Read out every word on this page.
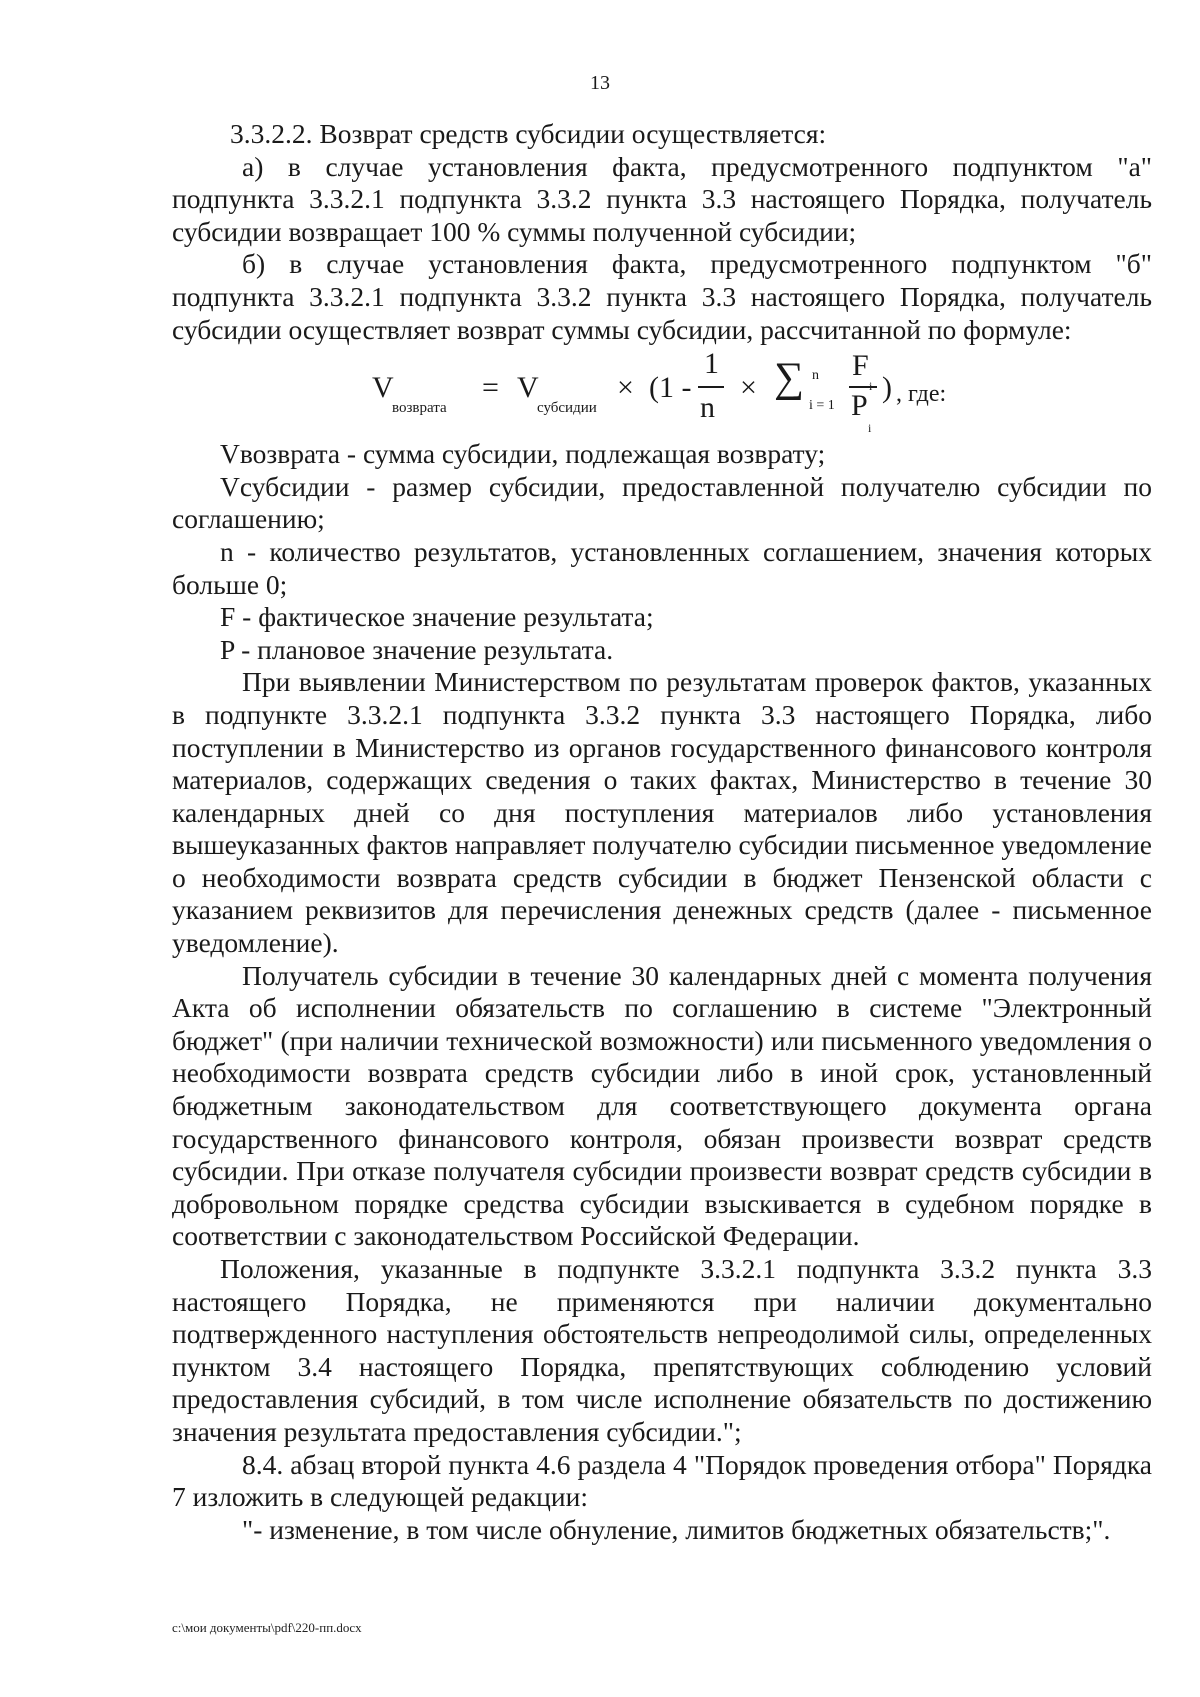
13

3.3.2.2. Возврат средств субсидии осуществляется:

а) в случае установления факта, предусмотренного подпунктом "а" подпункта 3.3.2.1 подпункта 3.3.2 пункта 3.3 настоящего Порядка, получатель субсидии возвращает 100 % суммы полученной субсидии;

б) в случае установления факта, предусмотренного подпунктом "б" подпункта 3.3.2.1 подпункта 3.3.2 пункта 3.3 настоящего Порядка, получатель субсидии осуществляет возврат суммы субсидии, рассчитанной по формуле:

V
возврата
= V
субсидии
× (1 -
1
n
× ∑ n
i = 1
F
P
i
) , где:

Vвозврата - сумма субсидии, подлежащая возврату;

Vсубсидии - размер субсидии, предоставленной получателю субсидии по соглашению;

n - количество результатов, установленных соглашением, значения которых больше 0;

F - фактическое значение результата;

P - плановое значение результата.

При выявлении Министерством по результатам проверок фактов, указанных в подпункте 3.3.2.1 подпункта 3.3.2 пункта 3.3 настоящего Порядка, либо поступлении в Министерство из органов государственного финансового контроля материалов, содержащих сведения о таких фактах, Министерство в течение 30 календарных дней со дня поступления материалов либо установления вышеуказанных фактов направляет получателю субсидии письменное уведомление о необходимости возврата средств субсидии в бюджет Пензенской области с указанием реквизитов для перечисления денежных средств (далее - письменное уведомление).

Получатель субсидии в течение 30 календарных дней с момента получения Акта об исполнении обязательств по соглашению в системе "Электронный бюджет" (при наличии технической возможности) или письменного уведомления о необходимости возврата средств субсидии либо в иной срок, установленный бюджетным законодательством для соответствующего документа органа государственного финансового контроля, обязан произвести возврат средств субсидии. При отказе получателя субсидии произвести возврат средств субсидии в добровольном порядке средства субсидии взыскивается в судебном порядке в соответствии с законодательством Российской Федерации.

Положения, указанные в подпункте 3.3.2.1 подпункта 3.3.2 пункта 3.3 настоящего Порядка, не применяются при наличии документально подтвержденного наступления обстоятельств непреодолимой силы, определенных пунктом 3.4 настоящего Порядка, препятствующих соблюдению условий предоставления субсидий, в том числе исполнение обязательств по достижению значения результата предоставления субсидии.";

8.4. абзац второй пункта 4.6 раздела 4 "Порядок проведения отбора" Порядка 7 изложить в следующей редакции:

"- изменение, в том числе обнуление, лимитов бюджетных обязательств;".

c:\мои документы\pdf\220-пп.docx
